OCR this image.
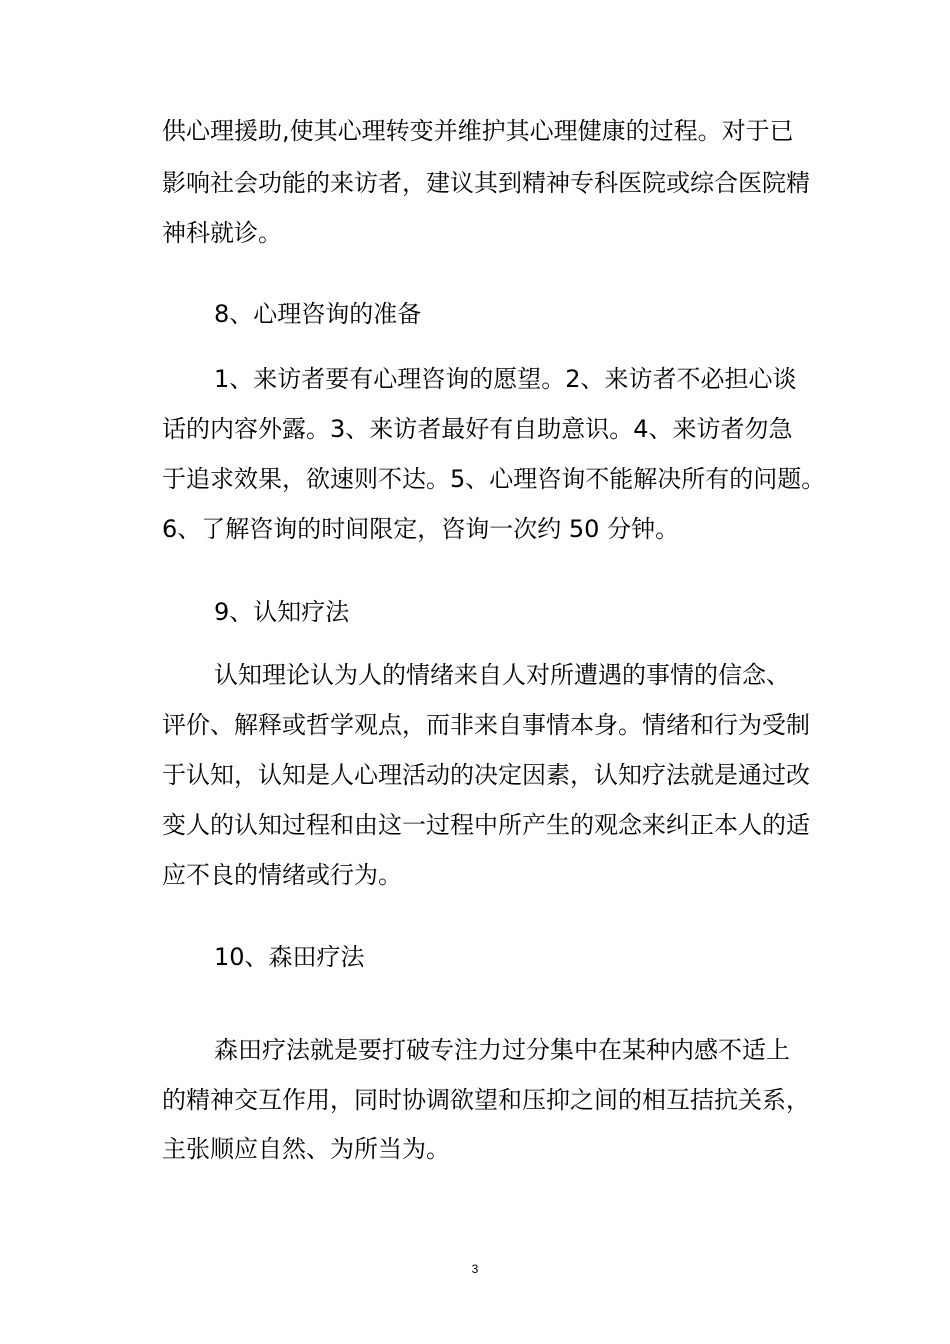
供心理援助,使其心理转变并维护其心理健康的过程。对于已
影响社会功能的来访者，建议其到精神专科医院或综合医院精
神科就诊。
8、心理咨询的准备
1、来访者要有心理咨询的愿望。2、来访者不必担心谈
话的内容外露。3、来访者最好有自助意识。4、来访者勿急
于追求效果，欲速则不达。5、心理咨询不能解决所有的问题。
6、了解咨询的时间限定，咨询一次约 50 分钟。
9、认知疗法
认知理论认为人的情绪来自人对所遭遇的事情的信念、
评价、解释或哲学观点，而非来自事情本身。情绪和行为受制
于认知，认知是人心理活动的决定因素，认知疗法就是通过改
变人的认知过程和由这一过程中所产生的观念来纠正本人的适
应不良的情绪或行为。
10、森田疗法
森田疗法就是要打破专注力过分集中在某种内感不适上
的精神交互作用，同时协调欲望和压抑之间的相互拮抗关系，
主张顺应自然、为所当为。
3
